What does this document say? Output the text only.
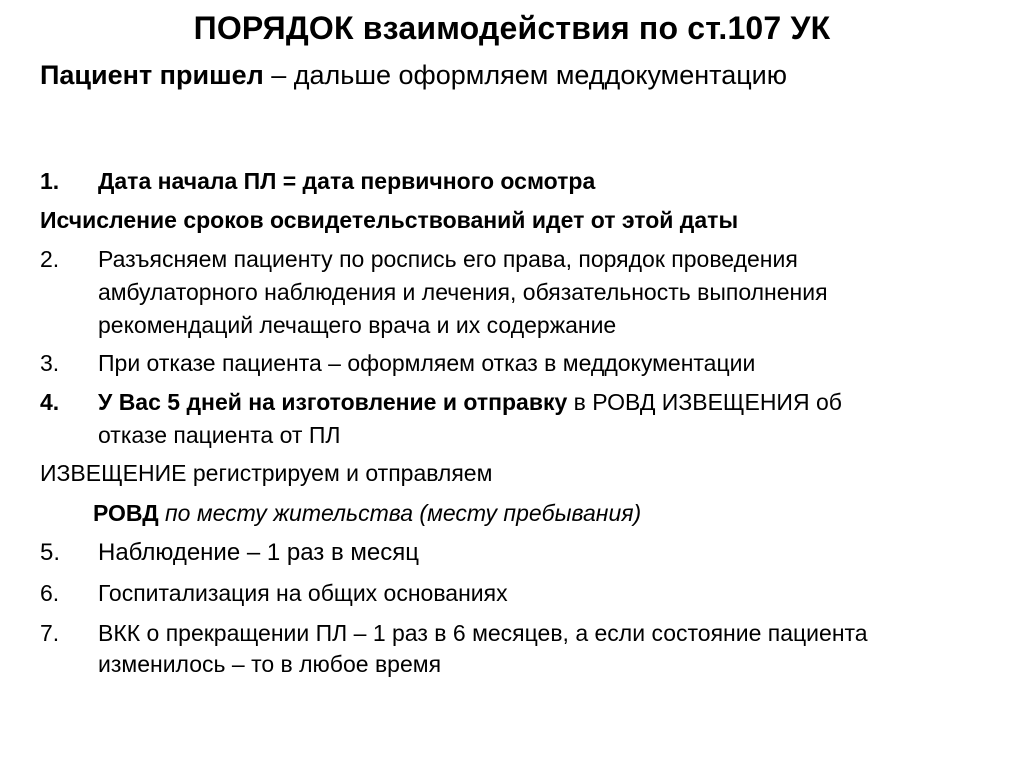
ПОРЯДОК взаимодействия по ст.107 УК
Пациент пришел – дальше оформляем меддокументацию
1.	Дата начала ПЛ = дата первичного осмотра
Исчисление сроков освидетельствований идет от этой даты
2.	Разъясняем пациенту по роспись его права, порядок проведения
амбулаторного наблюдения и лечения, обязательность выполнения
рекомендаций лечащего врача и их содержание
3.	При отказе пациента – оформляем отказ в меддокументации
4.	У Вас 5 дней на изготовление и отправку в РОВД ИЗВЕЩЕНИЯ об
отказе пациента от ПЛ
ИЗВЕЩЕНИЕ регистрируем и отправляем
РОВД по месту жительства (месту пребывания)
5.	Наблюдение – 1 раз в месяц
6.	Госпитализация на общих основаниях
7.	ВКК о прекращении ПЛ – 1 раз в 6 месяцев, а если состояние пациента
изменилось – то в любое время
